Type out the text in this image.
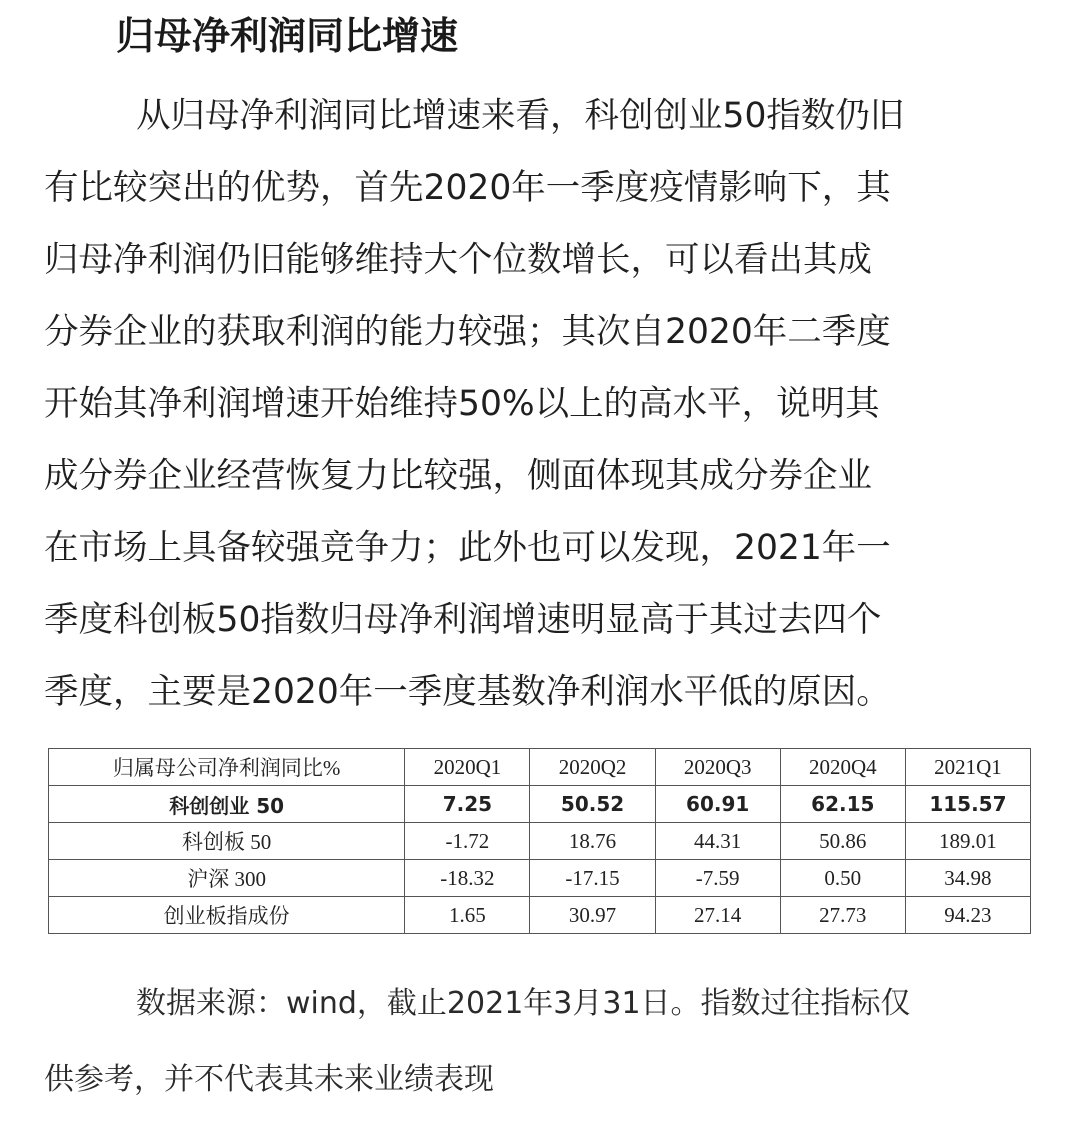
归母净利润同比增速

从归母净利润同比增速来看，科创创业50指数仍旧
有比较突出的优势，首先2020年一季度疫情影响下，其
归母净利润仍旧能够维持大个位数增长，可以看出其成
分券企业的获取利润的能力较强；其次自2020年二季度
开始其净利润增速开始维持50%以上的高水平，说明其
成分券企业经营恢复力比较强，侧面体现其成分券企业
在市场上具备较强竞争力；此外也可以发现，2021年一
季度科创板50指数归母净利润增速明显高于其过去四个
季度，主要是2020年一季度基数净利润水平低的原因。

归属母公司净利润同比%	2020Q1	2020Q2	2020Q3	2020Q4	2021Q1
科创创业 50	7.25	50.52	60.91	62.15	115.57
科创板 50	-1.72	18.76	44.31	50.86	189.01
沪深 300	-18.32	-17.15	-7.59	0.50	34.98
创业板指成份	1.65	30.97	27.14	27.73	94.23

数据来源：wind，截止2021年3月31日。指数过往指标仅
供参考，并不代表其未来业绩表现
